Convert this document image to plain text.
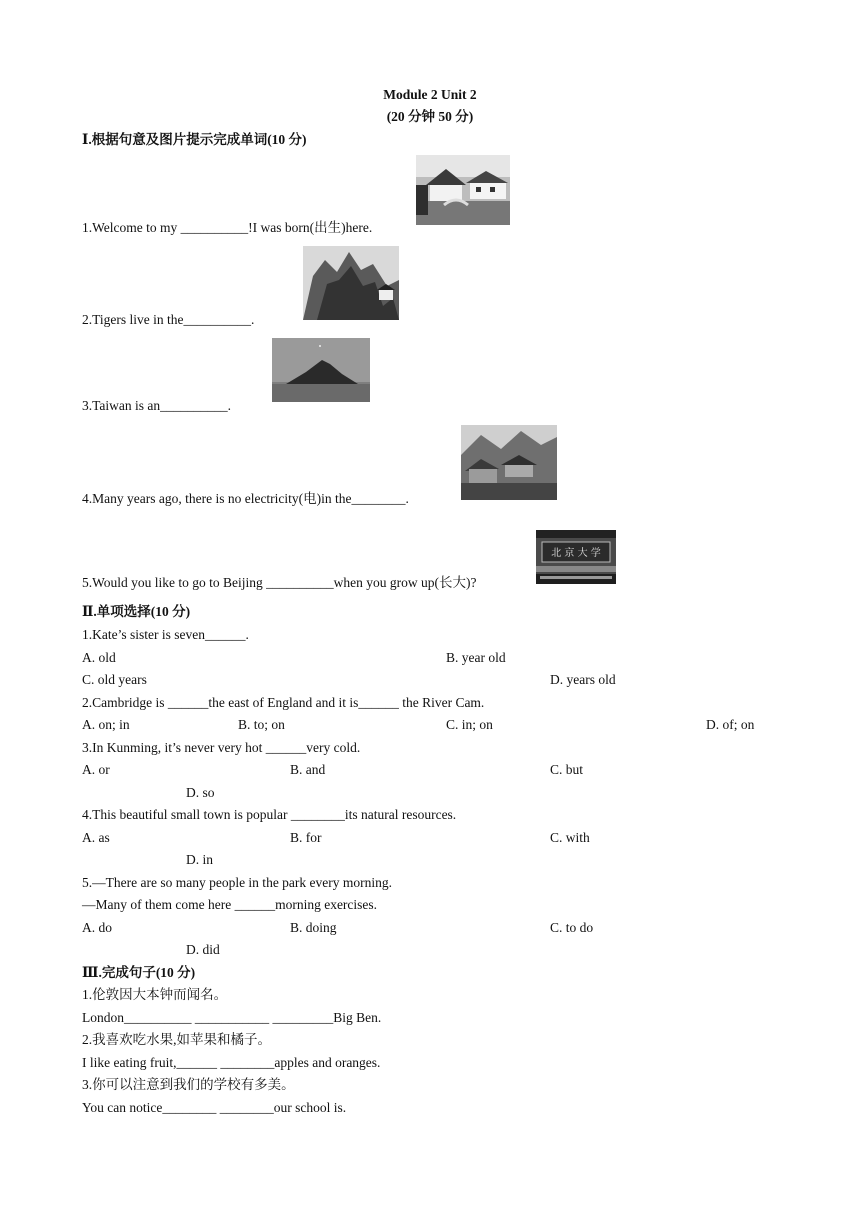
Module 2 Unit 2
(20 分钟 50 分)
Ⅰ.根据句意及图片提示完成单词(10 分)
1.Welcome to my __________!I was born(出生)here.
2.Tigers live in the__________.
3.Taiwan is an__________.
4.Many years ago, there is no electricity(电)in the________.
北 京 大 学
5.Would you like to go to Beijing __________when you grow up(长大)?
Ⅱ.单项选择(10 分)
1.Kate’s sister is seven______.
A. old	B. year old
C. old years	D. years old
2.Cambridge is ______the east of England and it is______ the River Cam.
A. on; in	B. to; on	C. in; on	D. of; on
3.In Kunming, it’s never very hot ______very cold.
A. or	B. and	C. but
D. so
4.This beautiful small town is popular ________its natural resources.
A. as	B. for	C. with
D. in
5.—There are so many people in the park every morning.
—Many of them come here ______morning exercises.
A. do	B. doing	C. to do
D. did
Ⅲ.完成句子(10 分)
1.伦敦因大本钟而闻名。
London__________ ___________ _________Big Ben.
2.我喜欢吃水果,如苹果和橘子。
I like eating fruit,______ ________apples and oranges.
3.你可以注意到我们的学校有多美。
You can notice________ ________our school is.
